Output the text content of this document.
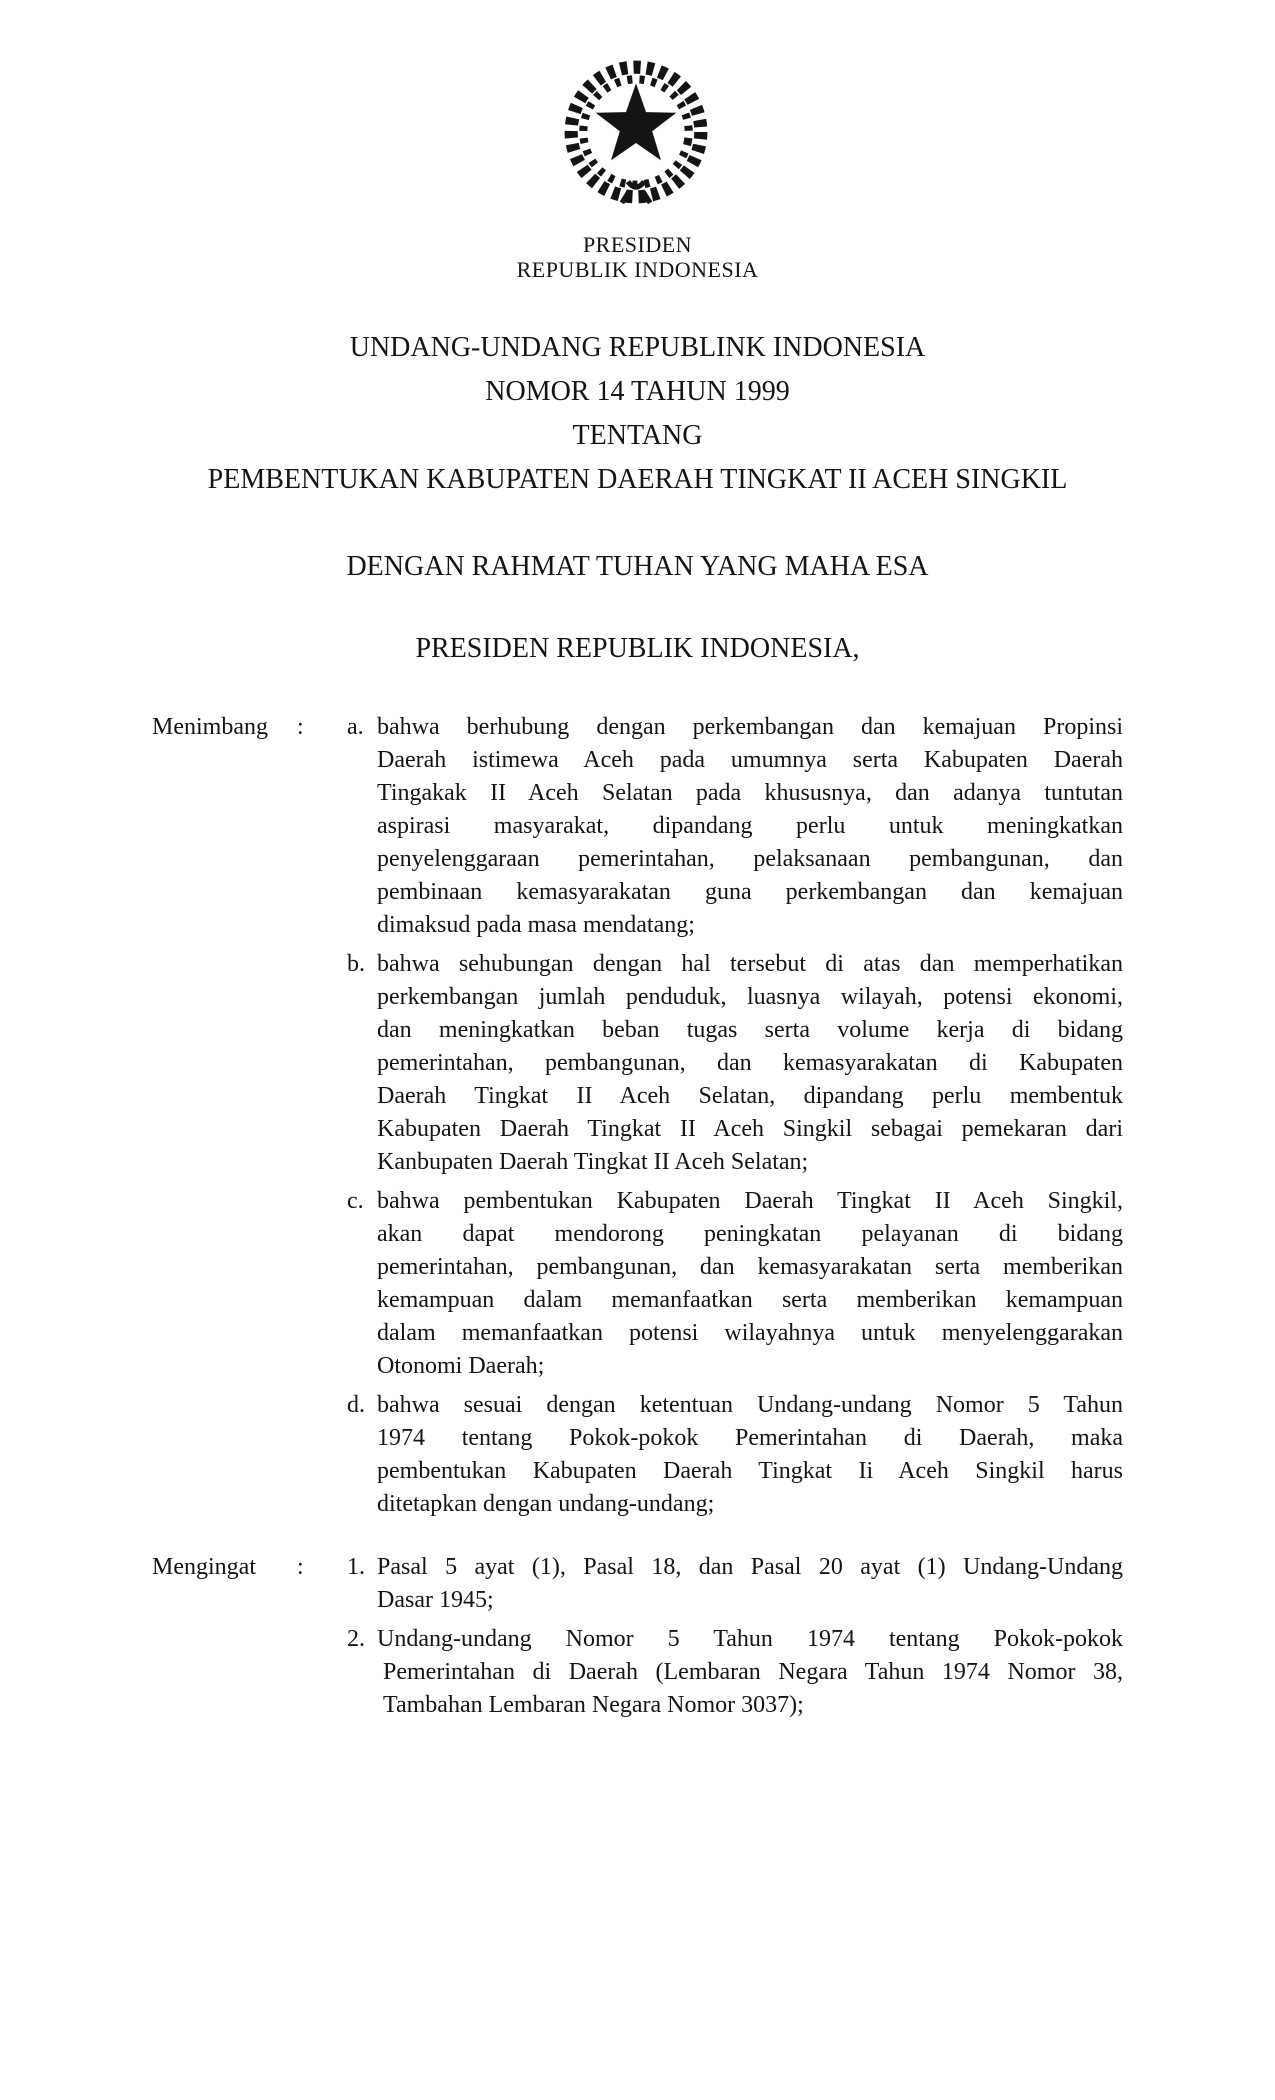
PRESIDEN
REPUBLIK INDONESIA
UNDANG-UNDANG REPUBLINK INDONESIA
NOMOR 14 TAHUN 1999
TENTANG
PEMBENTUKAN KABUPATEN DAERAH TINGKAT II ACEH SINGKIL
DENGAN RAHMAT TUHAN YANG MAHA ESA
PRESIDEN REPUBLIK INDONESIA,
Menimbang : a. bahwa berhubung dengan perkembangan dan kemajuan Propinsi
Daerah istimewa Aceh pada umumnya serta Kabupaten Daerah
Tingakak II Aceh Selatan pada khususnya, dan adanya tuntutan
aspirasi masyarakat, dipandang perlu untuk meningkatkan
penyelenggaraan pemerintahan, pelaksanaan pembangunan, dan
pembinaan kemasyarakatan guna perkembangan dan kemajuan
dimaksud pada masa mendatang;
b. bahwa sehubungan dengan hal tersebut di atas dan memperhatikan
perkembangan jumlah penduduk, luasnya wilayah, potensi ekonomi,
dan meningkatkan beban tugas serta volume kerja di bidang
pemerintahan, pembangunan, dan kemasyarakatan di Kabupaten
Daerah Tingkat II Aceh Selatan, dipandang perlu membentuk
Kabupaten Daerah Tingkat II Aceh Singkil sebagai pemekaran dari
Kanbupaten Daerah Tingkat II Aceh Selatan;
c. bahwa pembentukan Kabupaten Daerah Tingkat II Aceh Singkil,
akan dapat mendorong peningkatan pelayanan di bidang
pemerintahan, pembangunan, dan kemasyarakatan serta memberikan
kemampuan dalam memanfaatkan serta memberikan kemampuan
dalam memanfaatkan potensi wilayahnya untuk menyelenggarakan
Otonomi Daerah;
d. bahwa sesuai dengan ketentuan Undang-undang Nomor 5 Tahun
1974 tentang Pokok-pokok Pemerintahan di Daerah, maka
pembentukan Kabupaten Daerah Tingkat Ii Aceh Singkil harus
ditetapkan dengan undang-undang;
Mengingat : 1. Pasal 5 ayat (1), Pasal 18, dan Pasal 20 ayat (1) Undang-Undang
Dasar 1945;
2. Undang-undang Nomor 5 Tahun 1974 tentang Pokok-pokok
Pemerintahan di Daerah (Lembaran Negara Tahun 1974 Nomor 38,
Tambahan Lembaran Negara Nomor 3037);
